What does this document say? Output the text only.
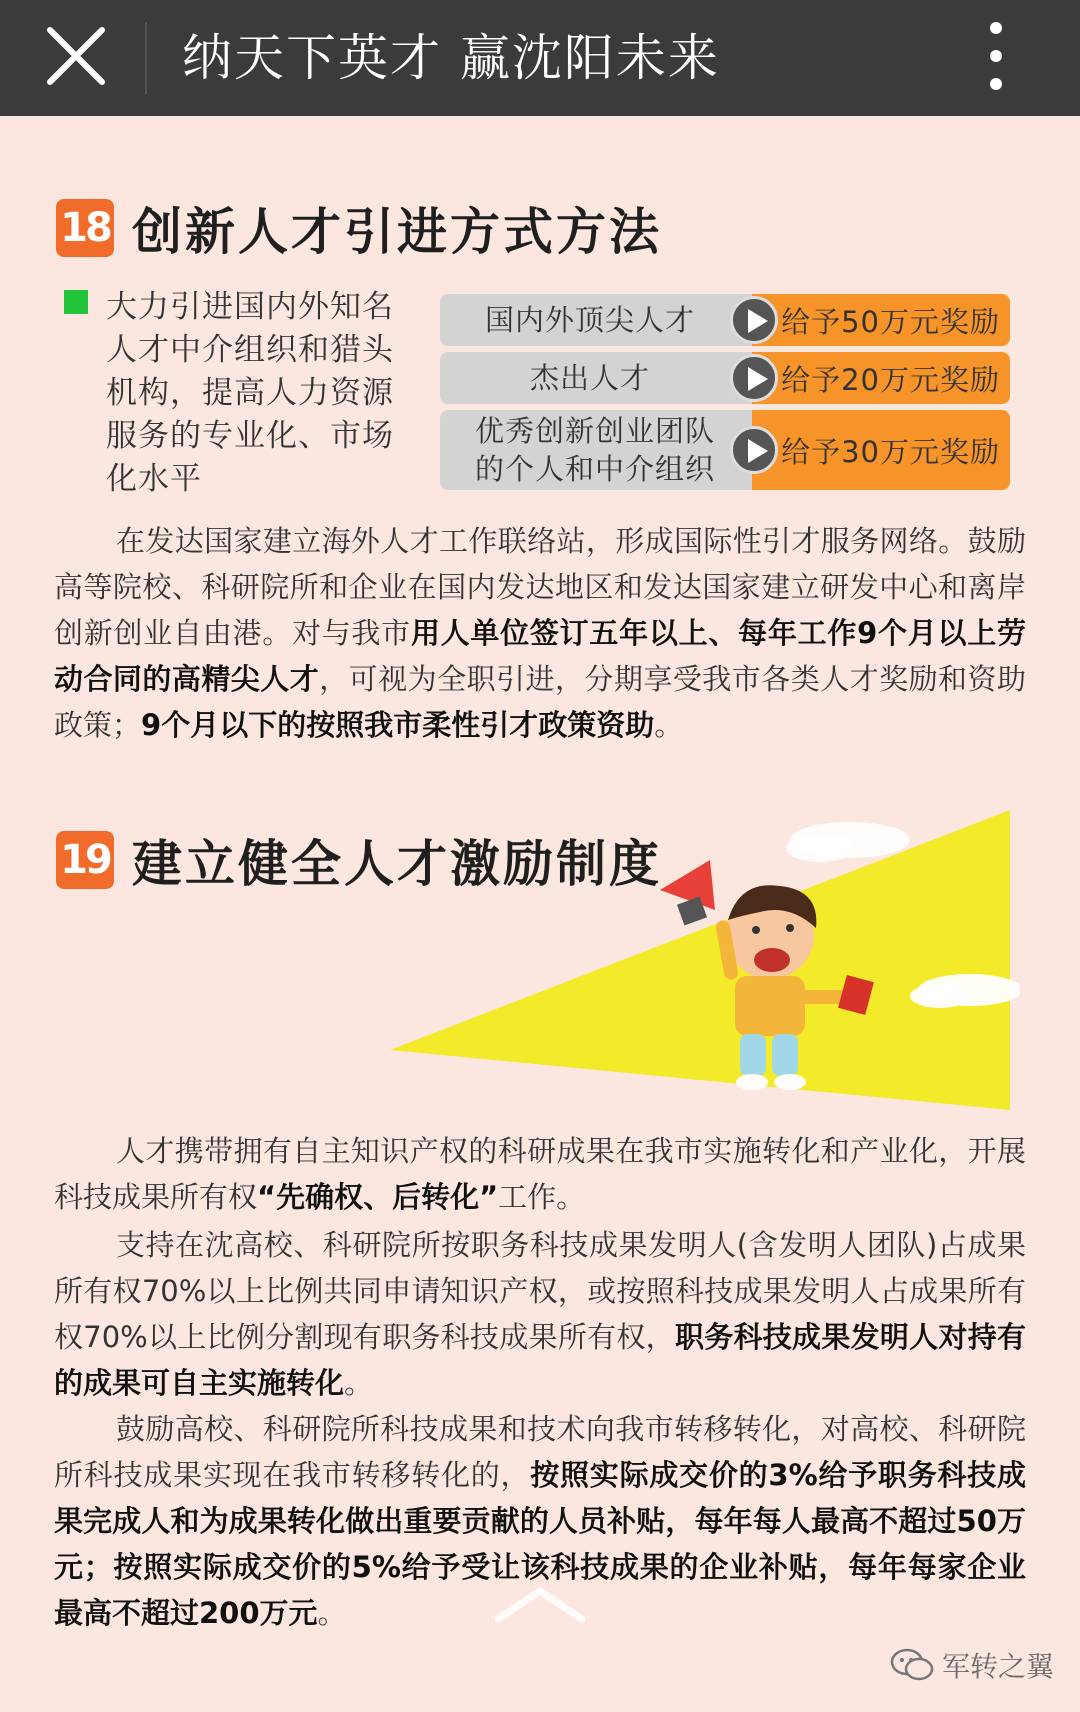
纳天下英才 赢沈阳未来
18 创新人才引进方式方法
大力引进国内外知名人才中介组织和猎头机构，提高人力资源服务的专业化、市场化水平
国内外顶尖人才	给予50万元奖励
杰出人才	给予20万元奖励
优秀创新创业团队的个人和中介组织
给予30万元奖励
在发达国家建立海外人才工作联络站，形成国际性引才服务网络。鼓励高等院校、科研院所和企业在国内发达地区和发达国家建立研发中心和离岸创新创业自由港。对与我市用人单位签订五年以上、每年工作9个月以上劳动合同的高精尖人才，可视为全职引进，分期享受我市各类人才奖励和资助政策；9个月以下的按照我市柔性引才政策资助。
19 建立健全人才激励制度
人才携带拥有自主知识产权的科研成果在我市实施转化和产业化，开展科技成果所有权“先确权、后转化”工作。
支持在沈高校、科研院所按职务科技成果发明人(含发明人团队)占成果所有权70%以上比例共同申请知识产权，或按照科技成果发明人占成果所有权70%以上比例分割现有职务科技成果所有权，职务科技成果发明人对持有的成果可自主实施转化。
鼓励高校、科研院所科技成果和技术向我市转移转化，对高校、科研院所科技成果实现在我市转移转化的，按照实际成交价的3%给予职务科技成果完成人和为成果转化做出重要贡献的人员补贴，每年每人最高不超过50万元；按照实际成交价的5%给予受让该科技成果的企业补贴，每年每家企业最高不超过200万元。
军转之翼
